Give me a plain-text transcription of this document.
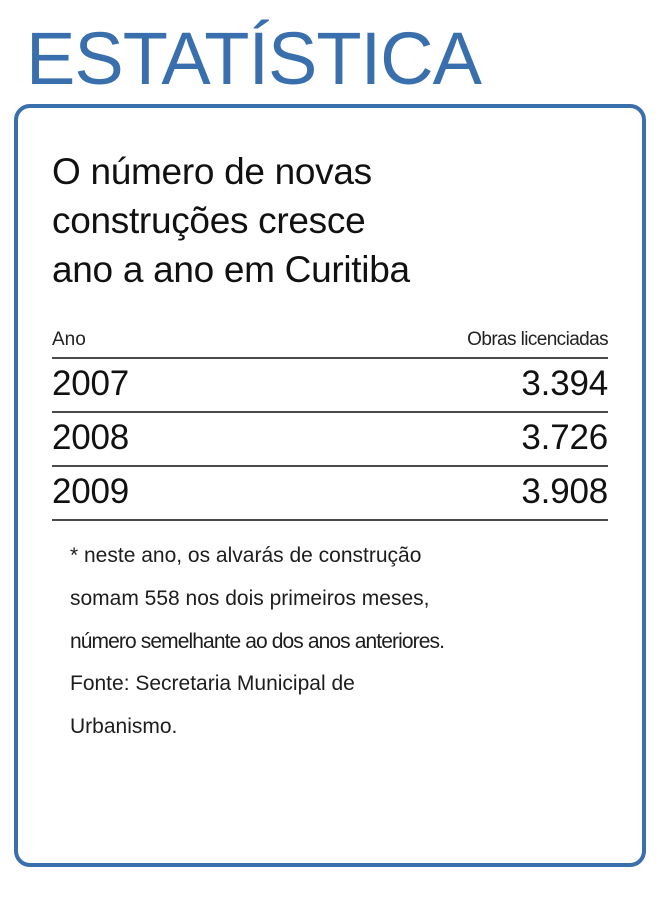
ESTATÍSTICA
O número de novas
construções cresce
ano a ano em Curitiba
Ano	Obras licenciadas
2007	3.394
2008	3.726
2009	3.908

* neste ano, os alvarás de construção

somam 558 nos dois primeiros meses,

número semelhante ao dos anos anteriores.

Fonte: Secretaria Municipal de

Urbanismo.
